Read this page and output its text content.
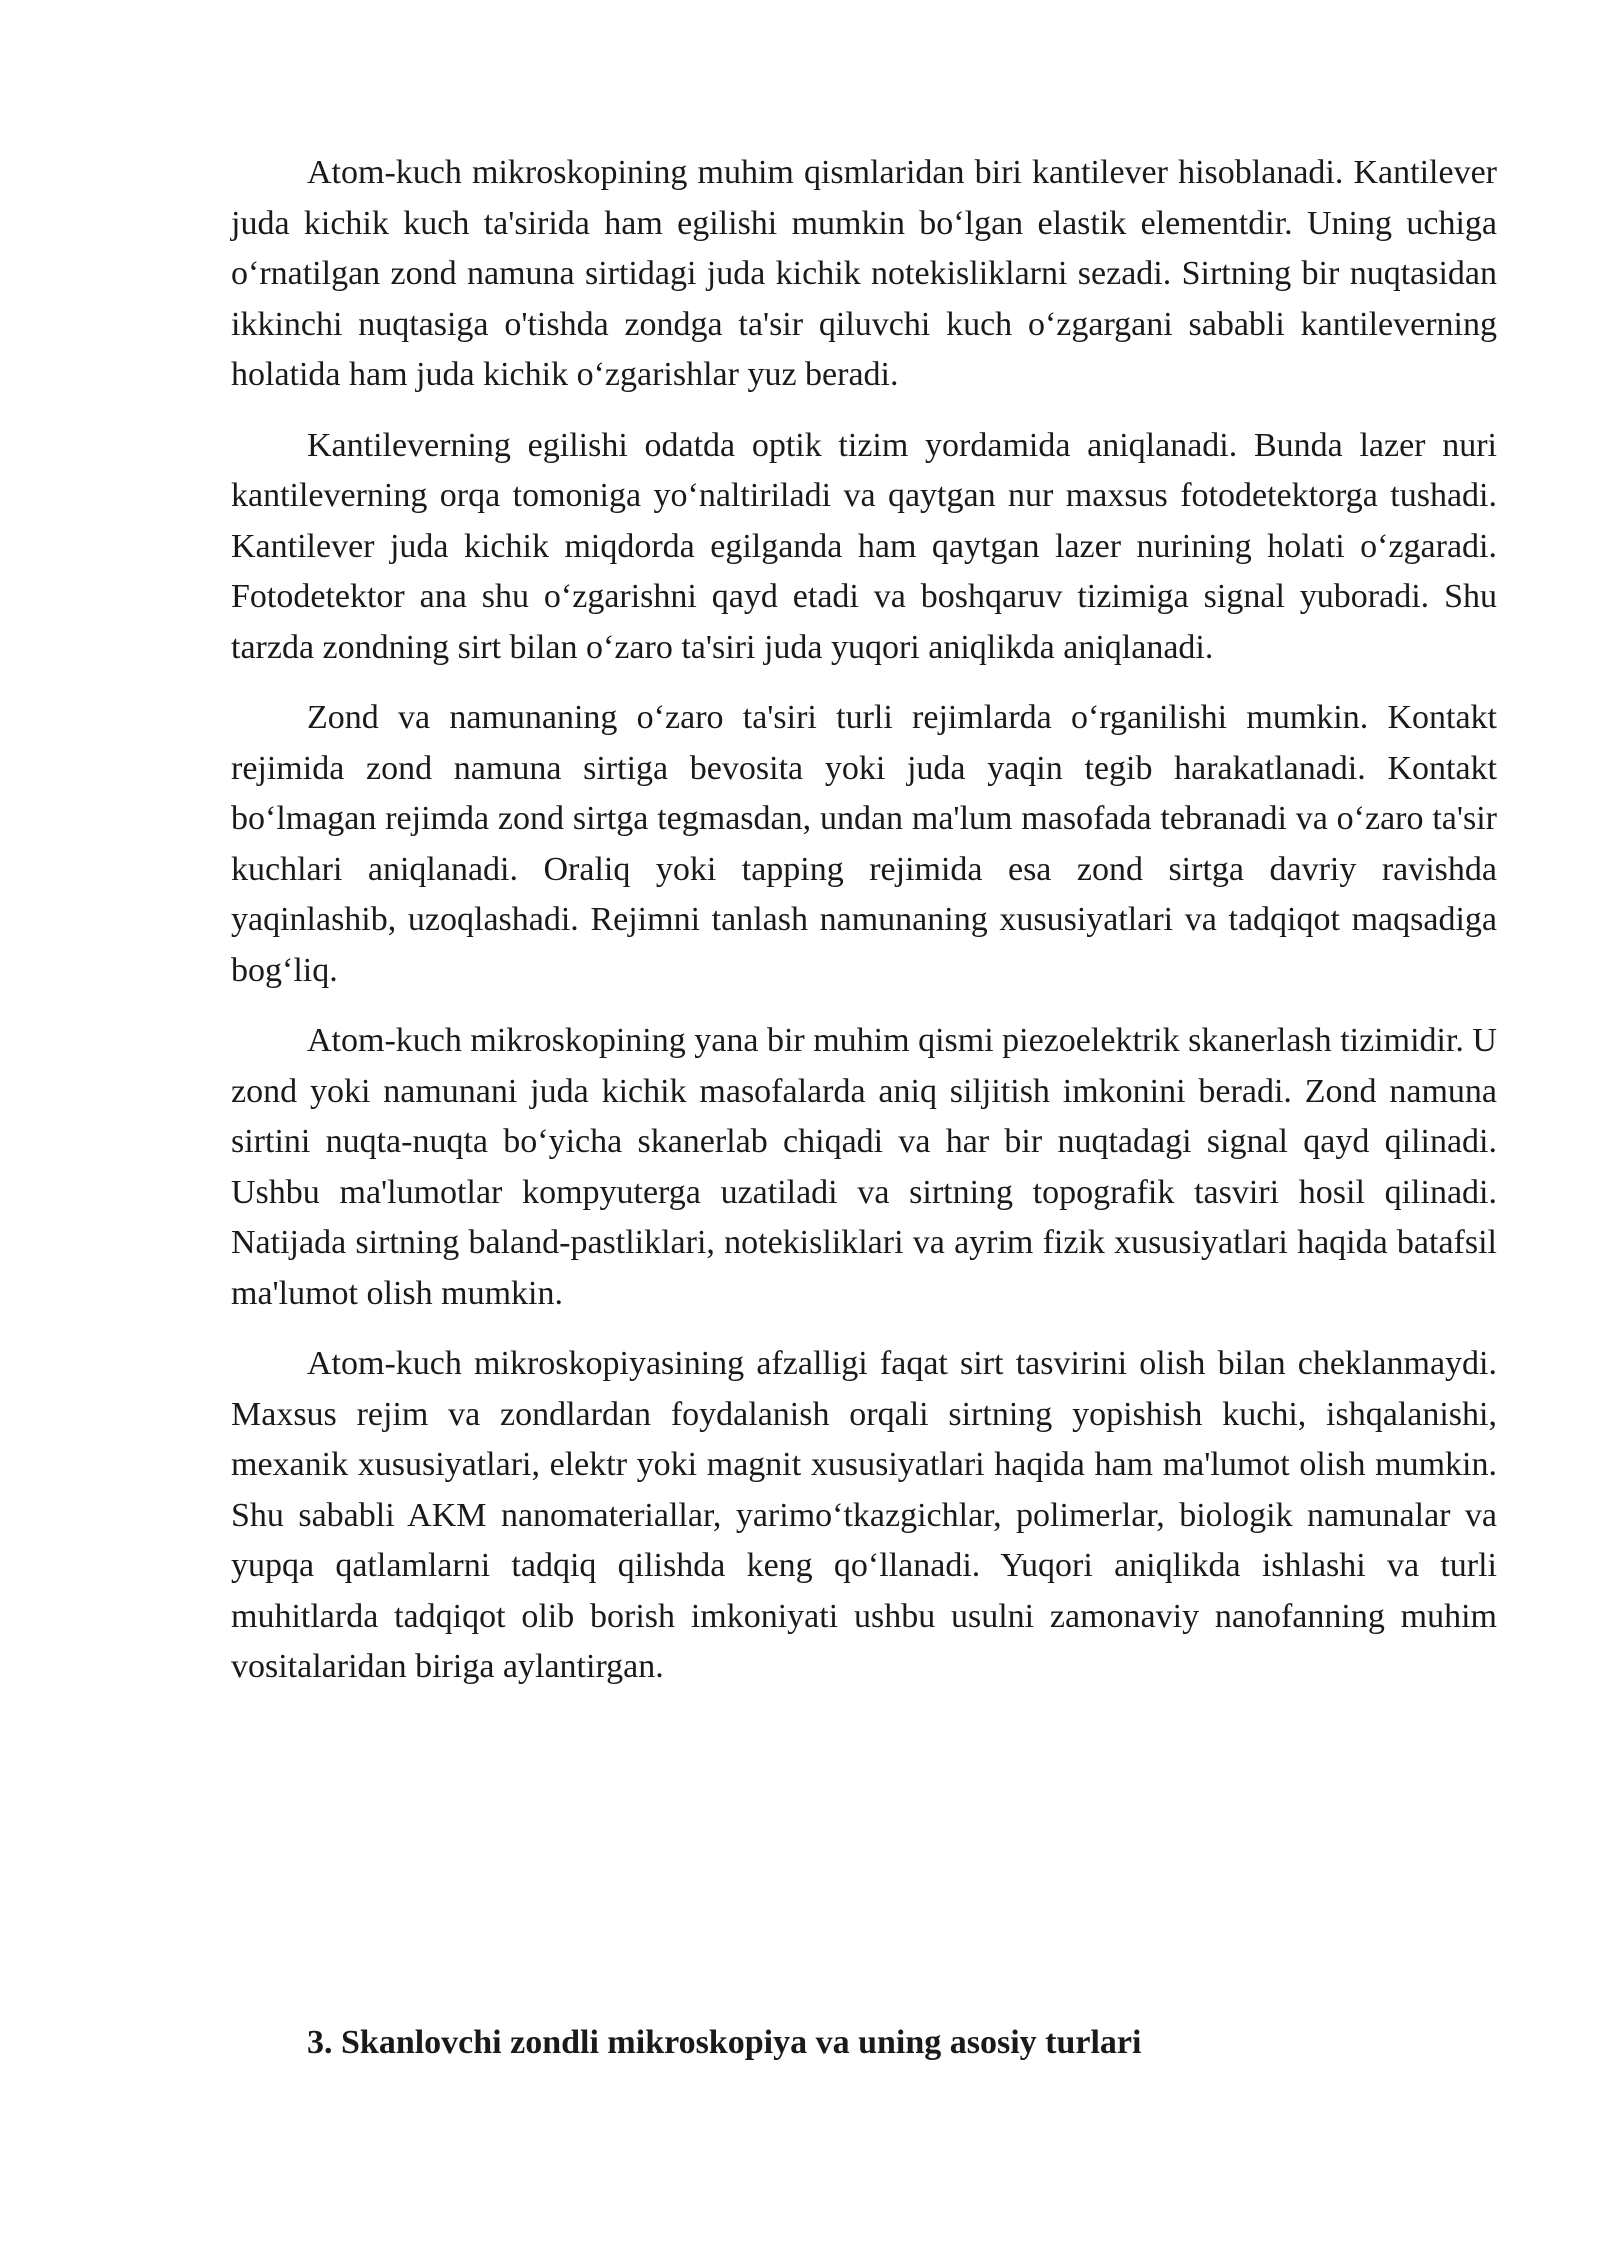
Atom-kuch mikroskopining muhim qismlaridan biri kantilever hisoblanadi. Kantilever juda kichik kuch ta'sirida ham egilishi mumkin bo‘lgan elastik elementdir. Uning uchiga o‘rnatilgan zond namuna sirtidagi juda kichik notekisliklarni sezadi. Sirtning bir nuqtasidan ikkinchi nuqtasiga o'tishda zondga ta'sir qiluvchi kuch o‘zgargani sababli kantileverning holatida ham juda kichik o‘zgarishlar yuz beradi.

Kantileverning egilishi odatda optik tizim yordamida aniqlanadi. Bunda lazer nuri kantileverning orqa tomoniga yo‘naltiriladi va qaytgan nur maxsus fotodetektorga tushadi. Kantilever juda kichik miqdorda egilganda ham qaytgan lazer nurining holati o‘zgaradi. Fotodetektor ana shu o‘zgarishni qayd etadi va boshqaruv tizimiga signal yuboradi. Shu tarzda zondning sirt bilan o‘zaro ta'siri juda yuqori aniqlikda aniqlanadi.

Zond va namunaning o‘zaro ta'siri turli rejimlarda o‘rganilishi mumkin. Kontakt rejimida zond namuna sirtiga bevosita yoki juda yaqin tegib harakatlanadi. Kontakt bo‘lmagan rejimda zond sirtga tegmasdan, undan ma'lum masofada tebranadi va o‘zaro ta'sir kuchlari aniqlanadi. Oraliq yoki tapping rejimida esa zond sirtga davriy ravishda yaqinlashib, uzoqlashadi. Rejimni tanlash namunaning xususiyatlari va tadqiqot maqsadiga bog‘liq.

Atom-kuch mikroskopining yana bir muhim qismi piezoelektrik skanerlash tizimidir. U zond yoki namunani juda kichik masofalarda aniq siljitish imkonini beradi. Zond namuna sirtini nuqta-nuqta bo‘yicha skanerlab chiqadi va har bir nuqtadagi signal qayd qilinadi. Ushbu ma'lumotlar kompyuterga uzatiladi va sirtning topografik tasviri hosil qilinadi. Natijada sirtning baland-pastliklari, notekisliklari va ayrim fizik xususiyatlari haqida batafsil ma'lumot olish mumkin.

Atom-kuch mikroskopiyasining afzalligi faqat sirt tasvirini olish bilan cheklanmaydi. Maxsus rejim va zondlardan foydalanish orqali sirtning yopishish kuchi, ishqalanishi, mexanik xususiyatlari, elektr yoki magnit xususiyatlari haqida ham ma'lumot olish mumkin. Shu sababli AKM nanomateriallar, yarimo‘tkazgichlar, polimerlar, biologik namunalar va yupqa qatlamlarni tadqiq qilishda keng qo‘llanadi. Yuqori aniqlikda ishlashi va turli muhitlarda tadqiqot olib borish imkoniyati ushbu usulni zamonaviy nanofanning muhim vositalaridan biriga aylantirgan.

3. Skanlovchi zondli mikroskopiya va uning asosiy turlari
